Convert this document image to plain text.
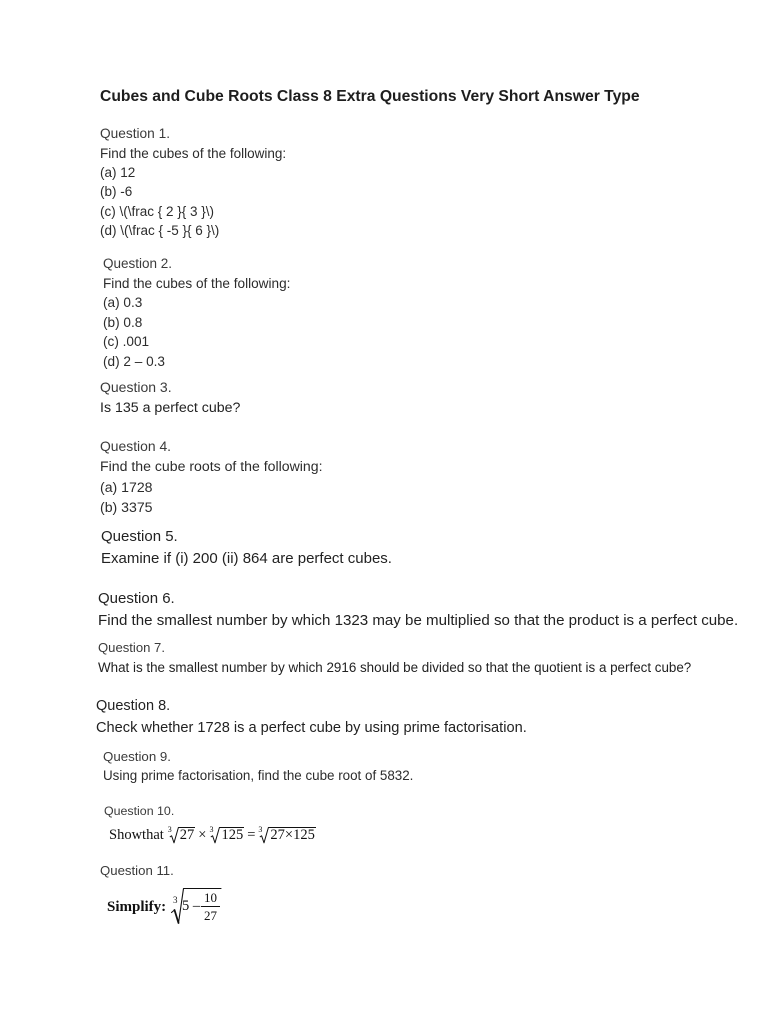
Cubes and Cube Roots Class 8 Extra Questions Very Short Answer Type
Question 1.
Find the cubes of the following:
(a) 12
(b) -6
(c) \(\frac { 2 }{ 3 }\)
(d) \(\frac { -5 }{ 6 }\)
Question 2.
Find the cubes of the following:
(a) 0.3
(b) 0.8
(c) .001
(d) 2 – 0.3
Question 3.
Is 135 a perfect cube?
Question 4.
Find the cube roots of the following:
(a) 1728
(b) 3375
Question 5.
Examine if (i) 200 (ii) 864 are perfect cubes.
Question 6.
Find the smallest number by which 1323 may be multiplied so that the product is a perfect cube.
Question 7.
What is the smallest number by which 2916 should be divided so that the quotient is a perfect cube?
Question 8.
Check whether 1728 is a perfect cube by using prime factorisation.
Question 9.
Using prime factorisation, find the cube root of 5832.
Question 10.
Showthat 3 27 × 3 125 = 3 27×125
Question 11.
Simplify: 3 5 –
10
27
